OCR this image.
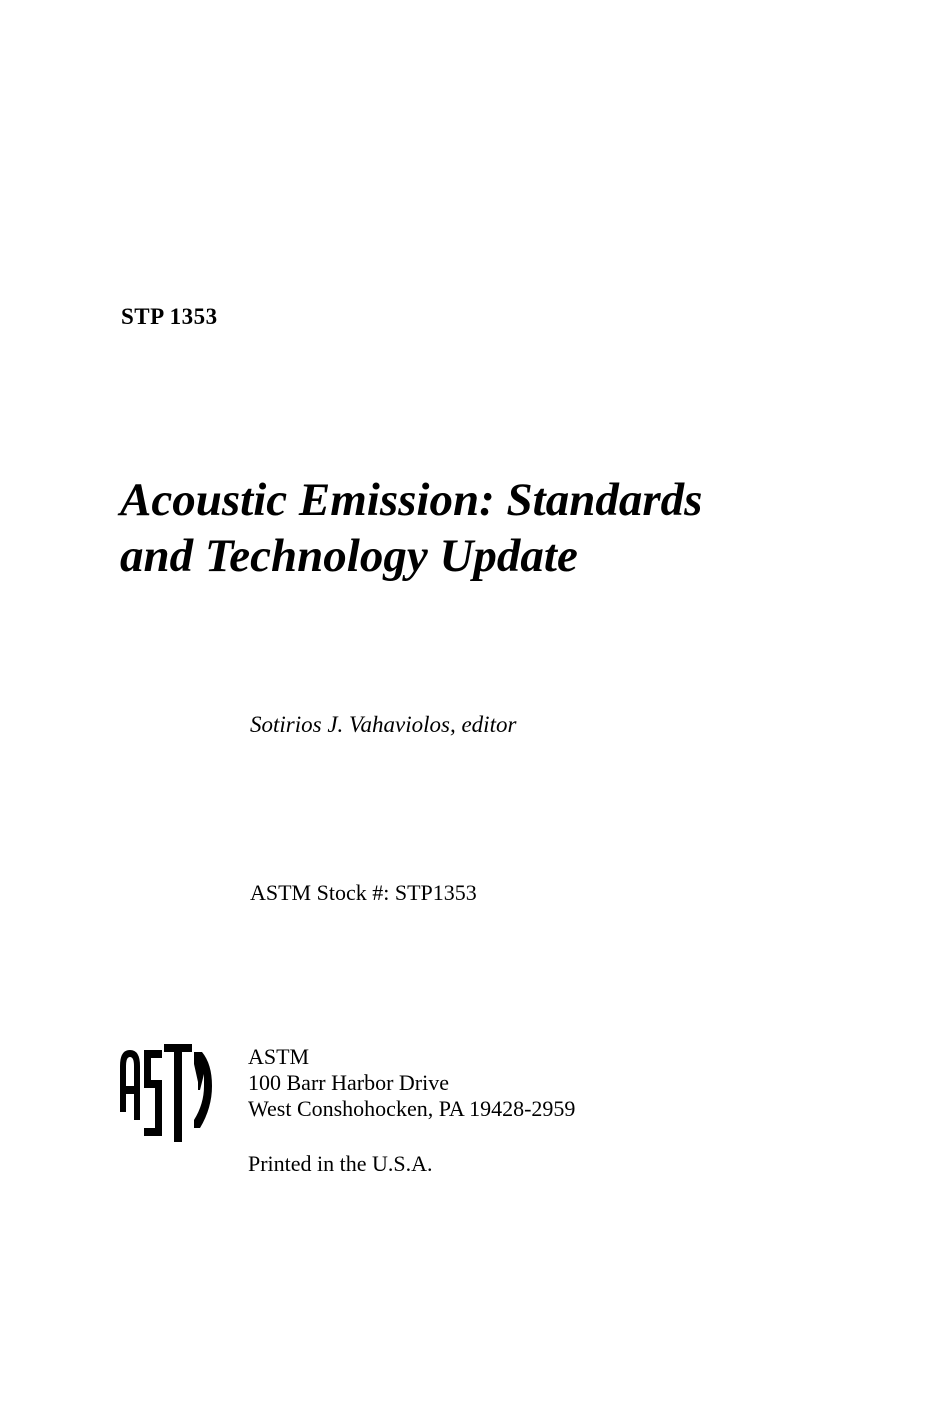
STP 1353
Acoustic Emission: Standards
and Technology Update
Sotirios J. Vahaviolos, editor
ASTM Stock #: STP1353
ASTM
100 Barr Harbor Drive
West Conshohocken, PA 19428-2959
Printed in the U.S.A.
